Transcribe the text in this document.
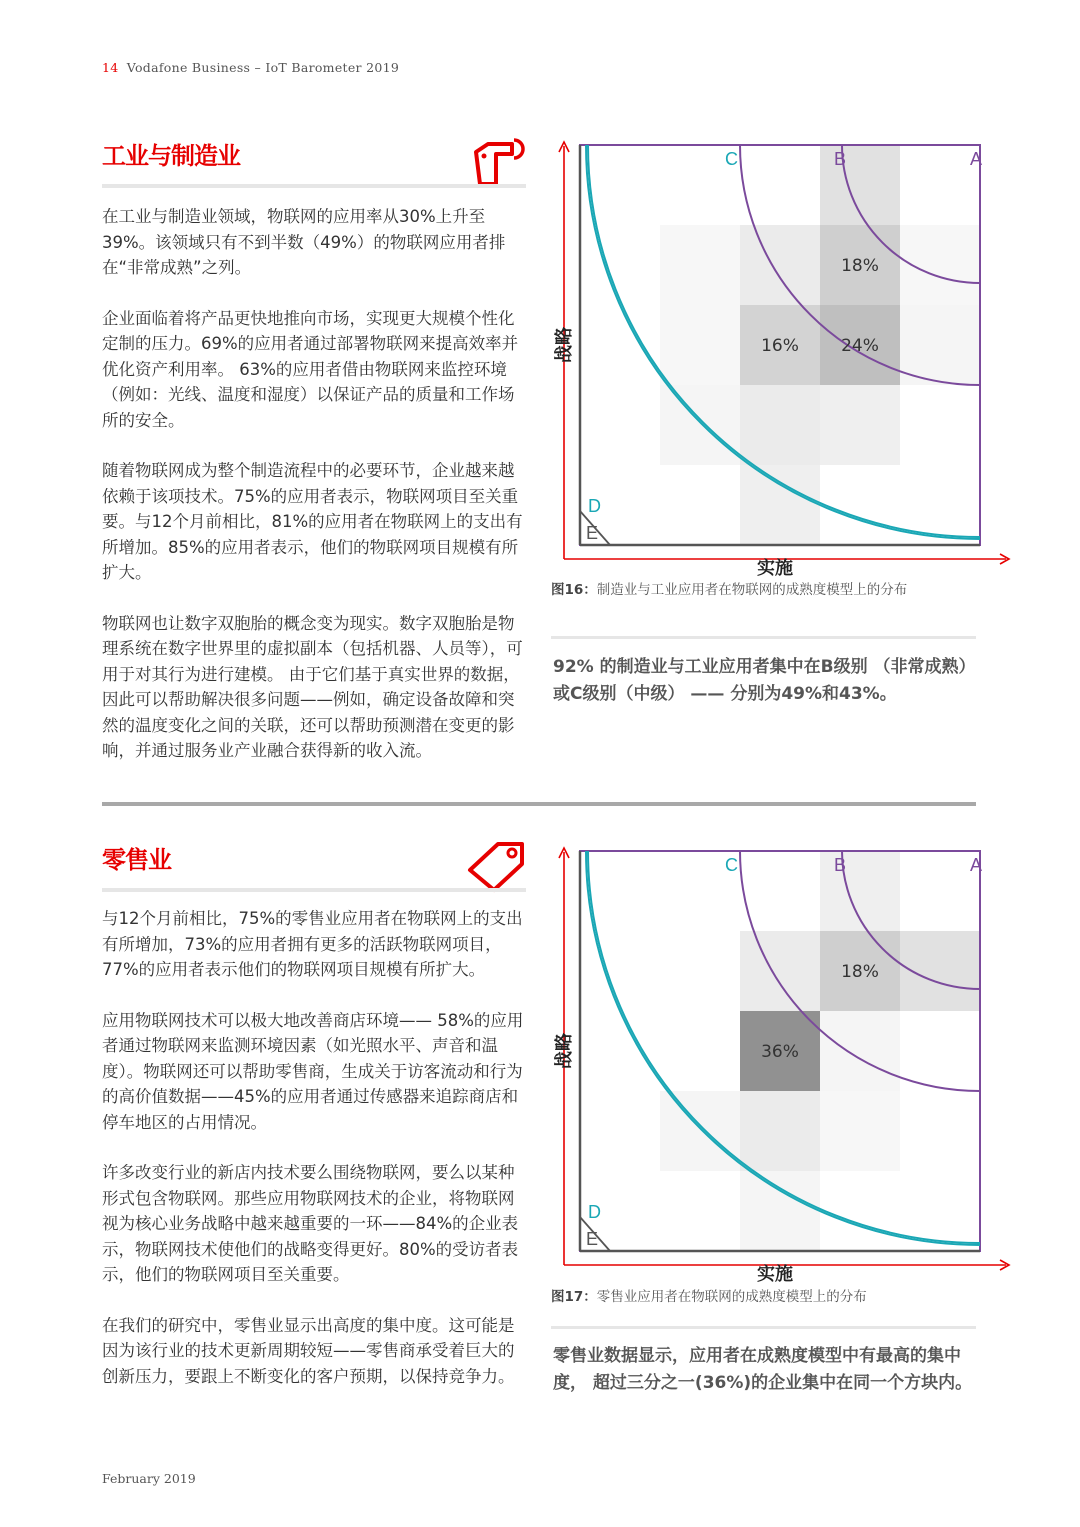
14 Vodafone Business – IoT Barometer 2019
工业与制造业

在工业与制造业领域，物联网的应用率从30%上升至39%。该领域只有不到半数（49%）的物联网应用者排在“非常成熟”之列。

企业面临着将产品更快地推向市场，实现更大规模个性化定制的压力。69%的应用者通过部署物联网来提高效率并优化资产利用率。 63%的应用者借由物联网来监控环境 （例如：光线、温度和湿度）以保证产品的质量和工作场所的安全。

随着物联网成为整个制造流程中的必要环节，企业越来越依赖于该项技术。75%的应用者表示，物联网项目至关重要。与12个月前相比，81%的应用者在物联网上的支出有所增加。85%的应用者表示，他们的物联网项目规模有所扩大。

物联网也让数字双胞胎的概念变为现实。数字双胞胎是物理系统在数字世界里的虚拟副本（包括机器、人员等），可用于对其行为进行建模。 由于它们基于真实世界的数据，因此可以帮助解决很多问题——例如，确定设备故障和突然的温度变化之间的关联，还可以帮助预测潜在变更的影响，并通过服务业产业融合获得新的收入流。

A
B
C
D
E
18%
16% 24%
实施
战略
图16：制造业与工业应用者在物联网的成熟度模型上的分布
92% 的制造业与工业应用者集中在B级别 （非常成熟）或C级别（中级） —— 分别为49%和43%。
零售业

与12个月前相比，75%的零售业应用者在物联网上的支出有所增加，73%的应用者拥有更多的活跃物联网项目，77%的应用者表示他们的物联网项目规模有所扩大。

应用物联网技术可以极大地改善商店环境—— 58%的应用者通过物联网来监测环境因素（如光照水平、声音和温度）。物联网还可以帮助零售商，生成关于访客流动和行为的高价值数据——45%的应用者通过传感器来追踪商店和停车地区的占用情况。

许多改变行业的新店内技术要么围绕物联网，要么以某种形式包含物联网。那些应用物联网技术的企业，将物联网视为核心业务战略中越来越重要的一环——84%的企业表示，物联网技术使他们的战略变得更好。80%的受访者表示，他们的物联网项目至关重要。

在我们的研究中，零售业显示出高度的集中度。这可能是因为该行业的技术更新周期较短——零售商承受着巨大的创新压力，要跟上不断变化的客户预期，以保持竞争力。

A
B
C
D
E
18%
36%
实施
战略
图17：零售业应用者在物联网的成熟度模型上的分布
零售业数据显示，应用者在成熟度模型中有最高的集中度， 超过三分之一(36%)的企业集中在同一个方块内。
February 2019
